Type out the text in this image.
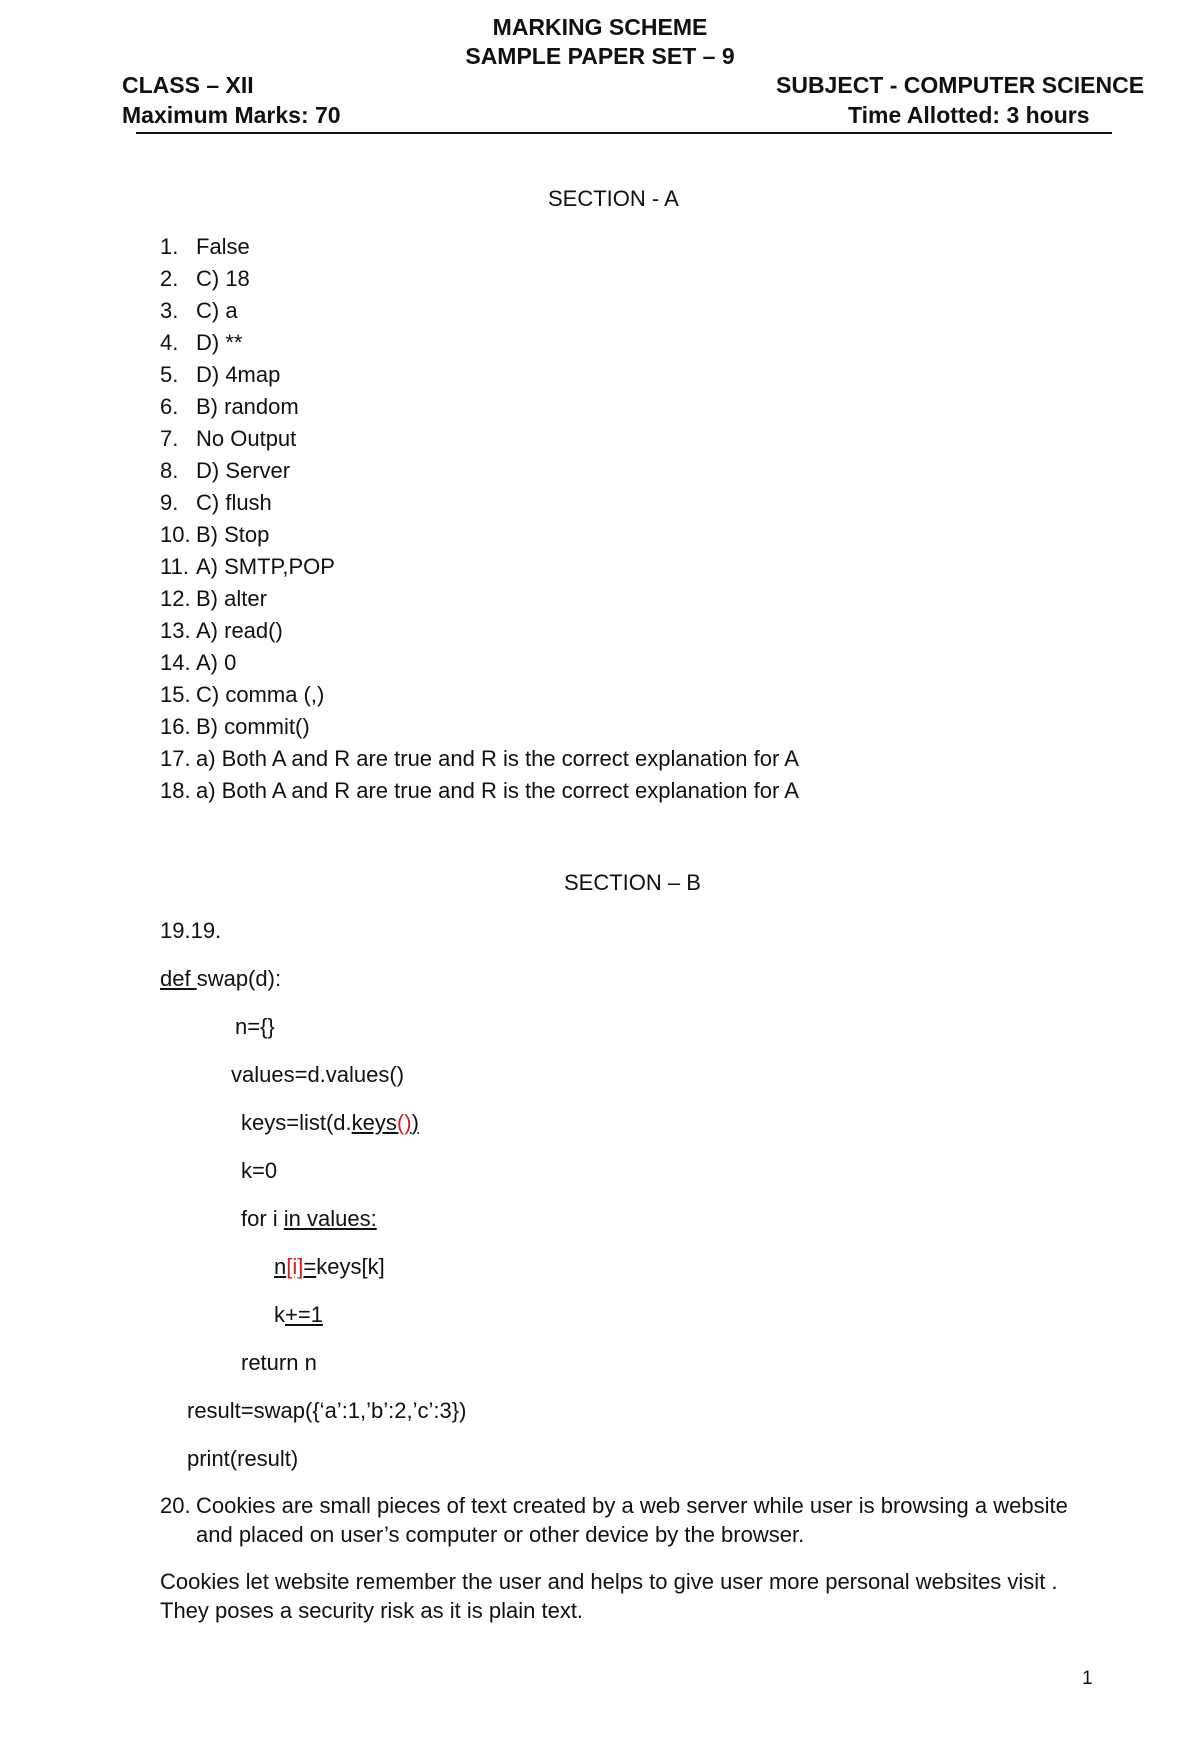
MARKING SCHEME
SAMPLE PAPER SET – 9
CLASS – XII	SUBJECT - COMPUTER SCIENCE
Maximum Marks: 70	Time Allotted: 3 hours
SECTION - A
1. False
2. C) 18
3. C) a
4. D) **
5. D) 4map
6. B) random
7. No Output
8. D) Server
9. C) flush
10. B) Stop
11. A) SMTP,POP
12. B) alter
13. A) read()
14. A) 0
15. C) comma (,)
16. B) commit()
17. a) Both A and R are true and R is the correct explanation for A
18. a) Both A and R are true and R is the correct explanation for A
SECTION – B
19.19.
def swap(d):
n={}
values=d.values()
keys=list(d.keys())
k=0
for i in values:
n[i]=keys[k]
k+=1
return n
result=swap({‘a’:1,’b’:2,’c’:3})
print(result)
20. Cookies are small pieces of text created by a web server while user is browsing a website and placed on user’s computer or other device by the browser.
Cookies let website remember the user and helps to give user more personal websites visit . They poses a security risk as it is plain text.
1
